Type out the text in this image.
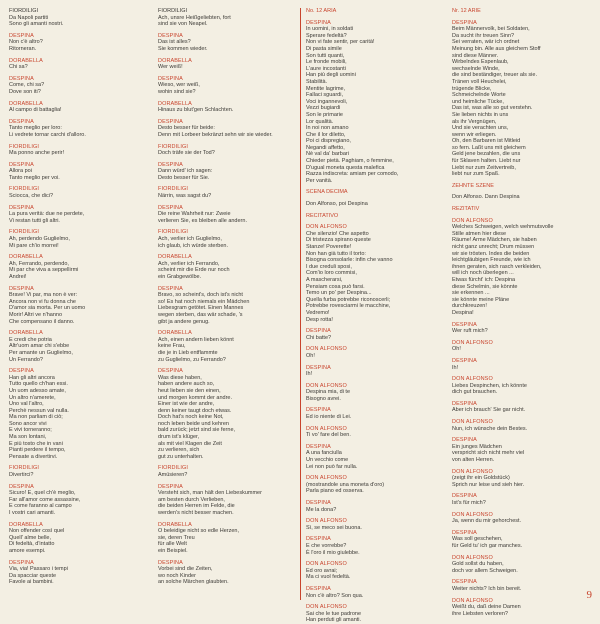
FIORDILIGI
Da Napoli partiti
Sono gli amanti nostri.
DESPINA
Non c'è altro?
Ritorneran.
DORABELLA
Chi sa?
DESPINA
Come, chi sa?
Dove son iti?
DORABELLA
Al campo di battaglia!
DESPINA
Tanto meglio per loro:
Li vedrete tornar carchi d'alloro.
FIORDILIGI
Ma ponno anche perir!
DESPINA
Allora poi
Tanto meglio per voi.
FIORDILIGI
Sciocca, che dici?
DESPINA
La pura verità: due ne perdete,
Vi restan tutti gli altri.
FIORDILIGI
Ah, perdendo Guglielmo,
Mi pare ch'io morrei!
DORABELLA
Ah, Ferrando, perdendo,
Mi par che viva a seppellirmi
Andrei!
DESPINA
Brave! Vi par, ma non è ver:
Ancora non vi fu donna che
D'amor sia morta. Per un uomo
Morir! Altri ve n'hanno
Che compensano il danno.
DORABELLA
E credi che potria
Altr'uom amar chi s'ebbe
Per amante un Guglielmo,
Un Ferrando?
DESPINA
Han gli altri ancora
Tutto quello ch'han essi.
Un uom adesso amate,
Un altro n'amerete,
Uno val l'altro,
Perchè nessun val nulla.
Ma non parliam di ciò;
Sono ancor vivi
E vivi torneranno;
Ma son lontani,
E più tosto che in vani
Pianti perdere il tempo,
Pensate a divertirvi.
FIORDILIGI
Divertirci?
DESPINA
Sicuro! E, quel ch'è meglio,
Far all'amor come assassine,
E come faranno al campo
I vostri cari amanti.
DORABELLA
Non offender così quel
Quell' alme belle,
Di fedeltà, d'intatto
amore esempi.
DESPINA
Via, via! Passaro i tempi
Da spacciar queste
Favole ai bambini.
FIORDILIGI
Ach, unsre Heißgeliebten, fort
sind sie von Neapel.
DESPINA
Das ist alles?
Sie kommen wieder.
DORABELLA
Wer weiß!
DESPINA
Wieso, wer weiß,
wohin sind sie?
DORABELLA
Hinaus zu blut'gen Schlachten.
DESPINA
Desto besser für beide:
Denn mit Lorbeer bekränzt sehn wir sie wieder.
FIORDILIGI
Doch träfe sie der Tod?
DESPINA
Dann würd' ich sagen:
Desto besser für Sie.
FIORDILIGI
Närrin, was sagst du?
DESPINA
Die reine Wahrheit nur: Zweie
verlieren Sie, es bleiben alle andern.
FIORDILIGI
Ach, verlier ich Guglielmo,
ich glaub, ich würde sterben.
DORABELLA
Ach, verlier ich Ferrando,
scheint mir die Erde nur noch
ein Grabgewölbe.
DESPINA
Bravo, so scheint's, doch ist's nicht
so! Es hat noch niemals ein Mädchen
Liebesgram getötet. Einen Mannes
wegen sterben, das wär schade, 's
gibt ja andere genug.
DORABELLA
Ach, einen andern lieben könnt
keine Frau,
die je in Lieb entflammte
zu Guglielmo, zu Ferrando?
DESPINA
Was diese haben,
haben andere auch so,
heut lieben sie den einen,
und morgen kommt der andre.
Einer ist wie der andre,
denn keiner taugt doch etwas.
Doch hat's noch keine Not,
noch leben beide und kehren
bald zurück; jetzt sind sie ferne,
drum ist's klüger,
als mit viel Klagen die Zeit
zu verlieren, sich
gut zu unterhalten.
FIORDILIGI
Amüsieren?
DESPINA
Versteht sich, man hält den Liebeskummer
am besten durch Verlieben,
die beiden Herren im Felde, die
werden's nicht besser machen.
DORABELLA
O beleidige nicht so edle Herzen,
sie, deren Treu
für alle Welt
ein Beispiel.
DESPINA
Vorbei sind die Zeiten,
wo noch Kinder
an solche Märchen glaubten.
No. 12 ARIA
DESPINA
In uomini, in soldati
Sperare fedeltà?
Non vi fate sentir, per carità!
Di pasta simile
Son tutti quanti,
Le fronde mobili,
L'aure incostanti
Han più degli uomini
Stabilità.
Mentite lagrime,
Fallaci sguardi,
Voci ingannevoli,
Vezzi bugiardi
Son le primarie
Lor qualità.
In noi non amano
Che il lor diletto,
Poi ci dispregiano,
Negandi affetto,
Nè val da' barbari
Chieder pietà. Paghiam, o femmine,
D'ugual moneta questa malefica
Razza indiscreta: amiam per comodo,
Per vanità.
SCENA DECIMA
Don Alfonso, poi Despina
RECITATIVO
DON ALFONSO
Che silenzio! Che aspetto
Di tristezza spirano queste
Stanze! Poverette!
Non han già tutto il torto:
Bisogna consolarle: infin che vanno
I due creduli sposi,
Com'io loro commisi,
A mascherarsi,
Pensiam cosa può farsi.
Temo un po' per Despina...
Quella furba potrebbe riconoscerli;
Potrebbe rovesciarmi le macchine,
Vedremo!
Desp rotta!
DESPINA
Chi batte?
DON ALFONSO
Oh!
DESPINA
Ih!
DON ALFONSO
Despina mia, di te
Bisogno avrei.
DESPINA
Ed io niente di Lei.
DON ALFONSO
Ti vo' fare del ben.
DESPINA
A una fanciulla
Un vecchio come
Lei non può far nulla.
DON ALFONSO
(mostrandole una moneta d'oro)
Parla piano ed osserva.
DESPINA
Me la dona?
DON ALFONSO
Sì, se meco sei buona.
DESPINA
E che vorrebbe?
È l'oro il mio giulebbe.
DON ALFONSO
Ed oro avrai;
Ma ci vuol fedeltà.
DESPINA
Non c'è altro? Son qua.
DON ALFONSO
Sai che le tue padrone
Han perduti gli amanti.
Nr. 12 ARIE
DESPINA
Beim Männervolk, bei Soldaten,
Da sucht ihr treuen Sinn?
Sei verraten, wär ich ordnet
Meinung bin. Alle aus gleichem Stoff
sind diese Männer.
Wirbelndes Espenlaub,
wechselnde Winde,
die sind beständiger, treuer als sie.
Tränen voll Heuchelei,
trügende Blicke,
Schmeichelnde Worte
und heimliche Tücke,
Das ist, was alle so gut verstehn.
Sie lieben nichts in uns
als ihr Vergnügen,
Und sie verachten uns,
wenn wir erliegen.
Oh, den Barbaren ist Mitleid
so fern. Laßt uns mit gleichem
Geld jene bezahlen, die uns
für Sklaven halten. Liebt nur
Liebt nur zum Zeitvertreib,
liebt nur zum Spaß.
ZEHNTE SZENE
Don Alfonso. Dann Despina
REZITATIV
DON ALFONSO
Welches Schweigen, welch wehmutsvolle
Stille atmen hier diese
Räume! Arme Mädchen, sie haben
nicht ganz unrecht; Drum müssen
wir sie trösten. Indes die beiden
leichtgläubigen Freunde, wie ich
ihnen geraten, sich rasch verkleiden,
will ich noch überlegen ...
Etwas fürcht' ich: Despina
diese Schelmin, sie könnte
sie erkennen ...
sie könnte meine Pläne
durchkreuzen!
Despina!
DESPINA
Wer ruft mich?
DON ALFONSO
Oh!
DESPINA
Ih!
DON ALFONSO
Liebes Despinchen, ich könnte
dich gut brauchen.
DESPINA
Aber ich brauch' Sie gar nicht.
DON ALFONSO
Nun, ich wünsche dein Bestes.
DESPINA
Ein junges Mädchen
verspricht sich nicht mehr viel
von alten Herren.
DON ALFONSO
(zeigt ihr ein Goldstück)
Sprich nur leise und sieh hier.
DESPINA
Ist's für mich?
DON ALFONSO
Ja, wenn du mir gehorchest.
DESPINA
Was soll geschehen,
für Geld tu' ich gar manches.
DON ALFONSO
Gold sollst du haben,
doch vor allem Schweigen.
DESPINA
Weiter nichts? Ich bin bereit.
DON ALFONSO
Weißt du, daß deine Damen
ihre Liebsten verloren?
9
